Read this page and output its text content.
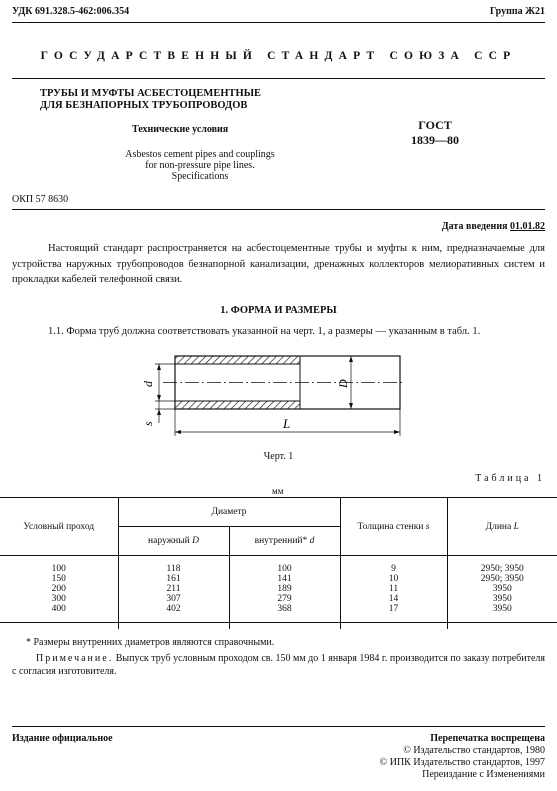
УДК 691.328.5-462:006.354	Группа Ж21
ГОСУДАРСТВЕННЫЙ СТАНДАРТ СОЮЗА ССР
ТРУБЫ И МУФТЫ АСБЕСТОЦЕМЕНТНЫЕ
ДЛЯ БЕЗНАПОРНЫХ ТРУБОПРОВОДОВ
Технические условия
Asbestos cement pipes and couplings
for non-pressure pipe lines.
Specifications
ГОСТ
1839—80
ОКП 57 8630
Дата введения 01.01.82
Настоящий стандарт распространяется на асбестоцементные трубы и муфты к ним, предназначаемые для устройства наружных трубопроводов безнапорной канализации, дренажных коллекторов мелиоративных систем и прокладки кабелей телефонной связи.
1. ФОРМА И РАЗМЕРЫ
1.1. Форма труб должна соответствовать указанной на черт. 1, а размеры — указанным в табл. 1.
d	D
s	L
Черт. 1
Таблица 1
мм
Условный проход	Диаметр		Толщина стенки s	Длина L
	наружный D	внутренний* d		
100	118	100	9	2950; 3950
150	161	141	10	2950; 3950
200	211	189	11	3950
300	307	279	14	3950
400	402	368	17	3950

* Размеры внутренних диаметров являются справочными.
Примечание. Выпуск труб условным проходом св. 150 мм до 1 января 1984 г. производится по заказу потребителя с согласия изготовителя.
Издание официальное	Перепечатка воспрещена
© Издательство стандартов, 1980
© ИПК Издательство стандартов, 1997
Переиздание с Изменениями
